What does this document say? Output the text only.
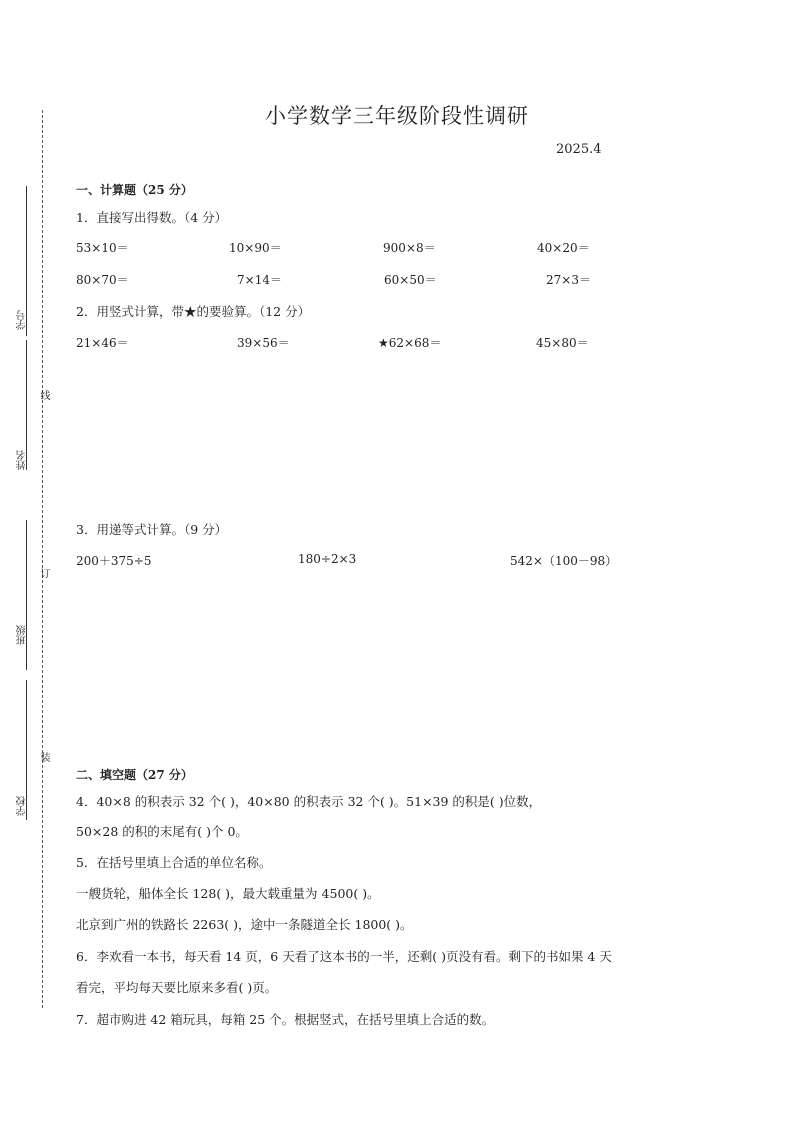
学号
线
姓名
订
班级
装
学校
小学数学三年级阶段性调研
2025.4
一、计算题（25 分）
1．直接写出得数。（4 分）
53×10＝	10×90＝	900×8＝	40×20＝
80×70＝	7×14＝	60×50＝	27×3＝
2．用竖式计算，带★的要验算。（12 分）
21×46＝	39×56＝	★62×68＝	45×80＝
3．用递等式计算。（9 分）
200＋375÷5	180÷2×3	542×（100－98）
二、填空题（27 分）
4．40×8 的积表示 32 个( )，40×80 的积表示 32 个( )。51×39 的积是( )位数，
50×28 的积的末尾有( )个 0。
5．在括号里填上合适的单位名称。
一艘货轮，船体全长 128( )，最大载重量为 4500( )。
北京到广州的铁路长 2263( )，途中一条隧道全长 1800( )。
6．李欢看一本书，每天看 14 页，6 天看了这本书的一半，还剩( )页没有看。剩下的书如果 4 天
看完，平均每天要比原来多看( )页。
7．超市购进 42 箱玩具，每箱 25 个。根据竖式，在括号里填上合适的数。
